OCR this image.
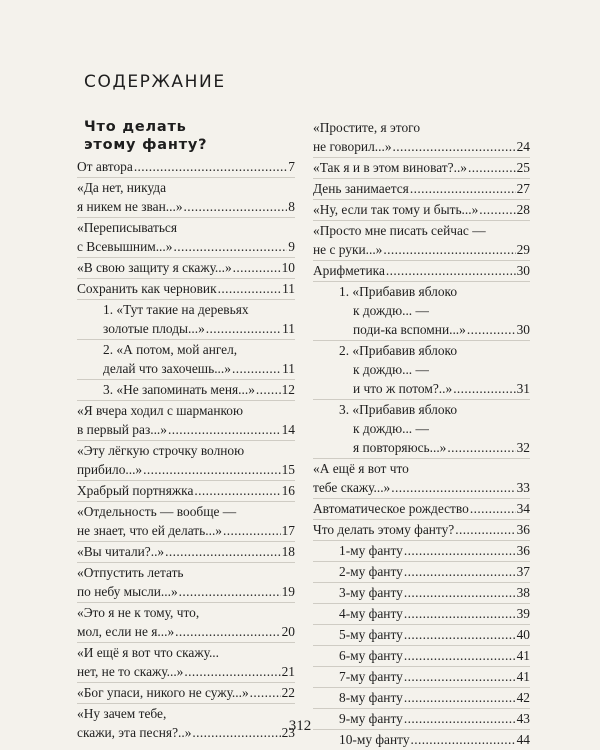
СОДЕРЖАНИЕ
Что делать
этому фанту?
От автора .....	7
«Да нет, никуда
я никем не зван...» .....	8
«Переписываться
с Всевышним...» .....	9
«В свою защиту я скажу...» .....	10
Сохранить как черновик .....	11
1. «Тут такие на деревьях
золотые плоды...» .....	11
2. «А потом, мой ангел,
делай что захочешь...» .....	11
3. «Не запоминать меня...» ..... 12
«Я вчера ходил с шарманкою
в первый раз...» .....	14
«Эту лёгкую строчку волною
прибило...» .....	15
Храбрый портняжка .....	16
«Отдельность — вообще —
не знает, что ей делать...» .....	17
«Вы читали?..» .....	18
«Отпустить летать
по небу мысли...» .....	19
«Это я не к тому, что,
мол, если не я...» .....	20
«И ещё я вот что скажу...
нет, не то скажу...» .....	21
«Бог упаси, никого не сужу...» ..... 22
«Ну зачем тебе,
скажи, эта песня?..» .....	23
«Простите, я этого
не говорил...» .....	24
«Так я и в этом виноват?..» .....	25
День занимается .....	27
«Ну, если так тому и быть...» .....	28
«Просто мне писать сейчас —
не с руки...» .....	29
Арифметика .....	30
1. «Прибавив яблоко
к дождю... —
поди-ка вспомни...» .....	30
2. «Прибавив яблоко
к дождю... —
и что ж потом?..» .....	31
3. «Прибавив яблоко
к дождю... —
я повторяюсь...» .....	32
«А ещё я вот что
тебе скажу...» .....	33
Автоматическое рождество .....	34
Что делать этому фанту? .....	36
1-му фанту .....	36
2-му фанту .....	37
3-му фанту .....	38
4-му фанту .....	39
5-му фанту .....	40
6-му фанту .....	41
7-му фанту .....	41
8-му фанту .....	42
9-му фанту .....	43
10-му фанту .....	44
312
